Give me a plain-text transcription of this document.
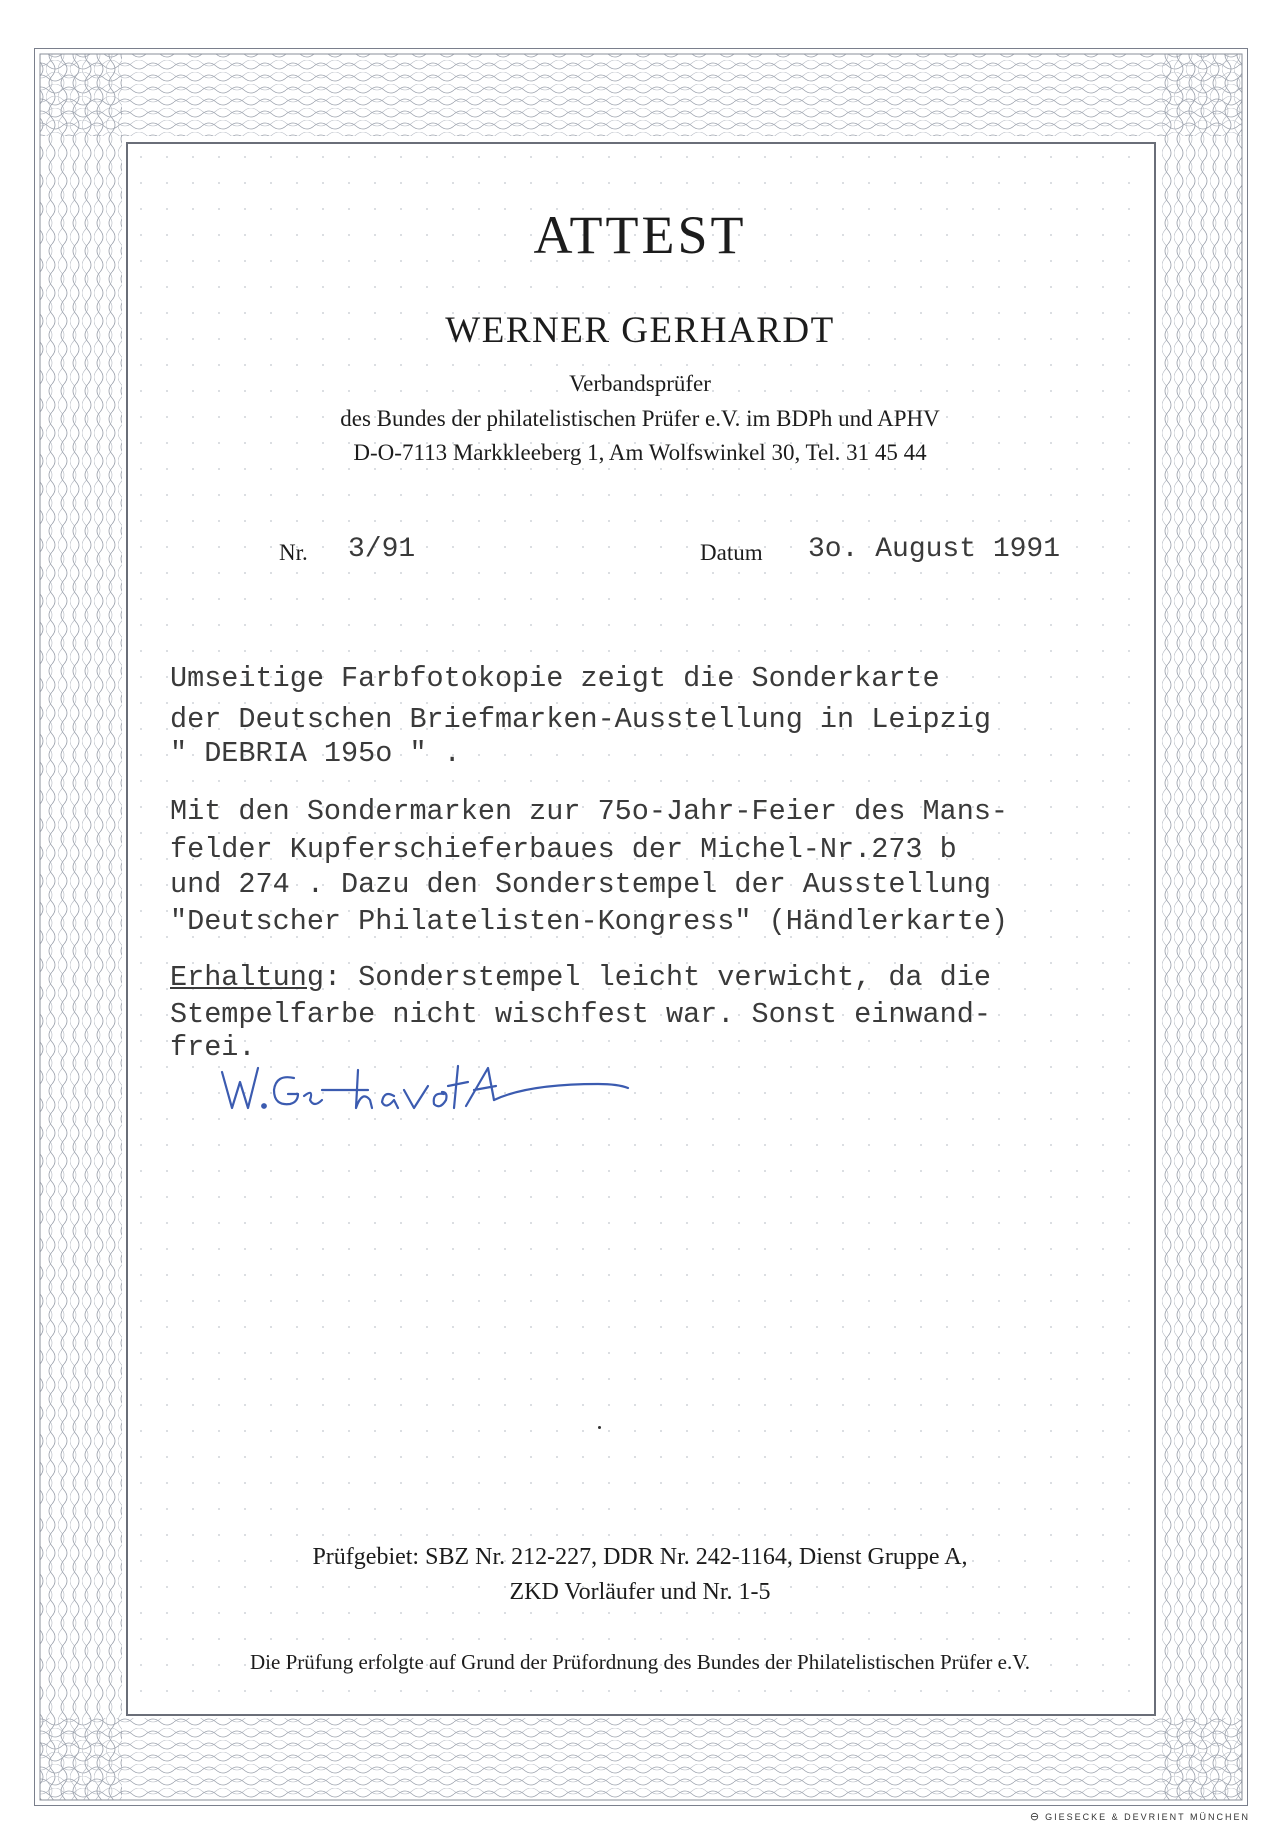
ATTEST
WERNER GERHARDT
Verbandsprüfer
des Bundes der philatelistischen Prüfer e.V. im BDPh und APHV
D-O-7113 Markkleeberg 1, Am Wolfswinkel 30, Tel. 31 45 44
Nr. 3/91	Datum 3o. August 1991
Umseitige Farbfotokopie zeigt die Sonderkarte
der Deutschen Briefmarken-Ausstellung in Leipzig
" DEBRIA 195o " .
Mit den Sondermarken zur 75o-Jahr-Feier des Mans-
felder Kupferschieferbaues der Michel-Nr.273 b
und 274 . Dazu den Sonderstempel der Ausstellung
"Deutscher Philatelisten-Kongress" (Händlerkarte)
Erhaltung: Sonderstempel leicht verwicht, da die
Stempelfarbe nicht wischfest war. Sonst einwand-
frei.
Prüfgebiet: SBZ Nr. 212-227, DDR Nr. 242-1164, Dienst Gruppe A,
ZKD Vorläufer und Nr. 1-5
Die Prüfung erfolgte auf Grund der Prüfordnung des Bundes der Philatelistischen Prüfer e.V.
⊖ GIESECKE & DEVRIENT MÜNCHEN
